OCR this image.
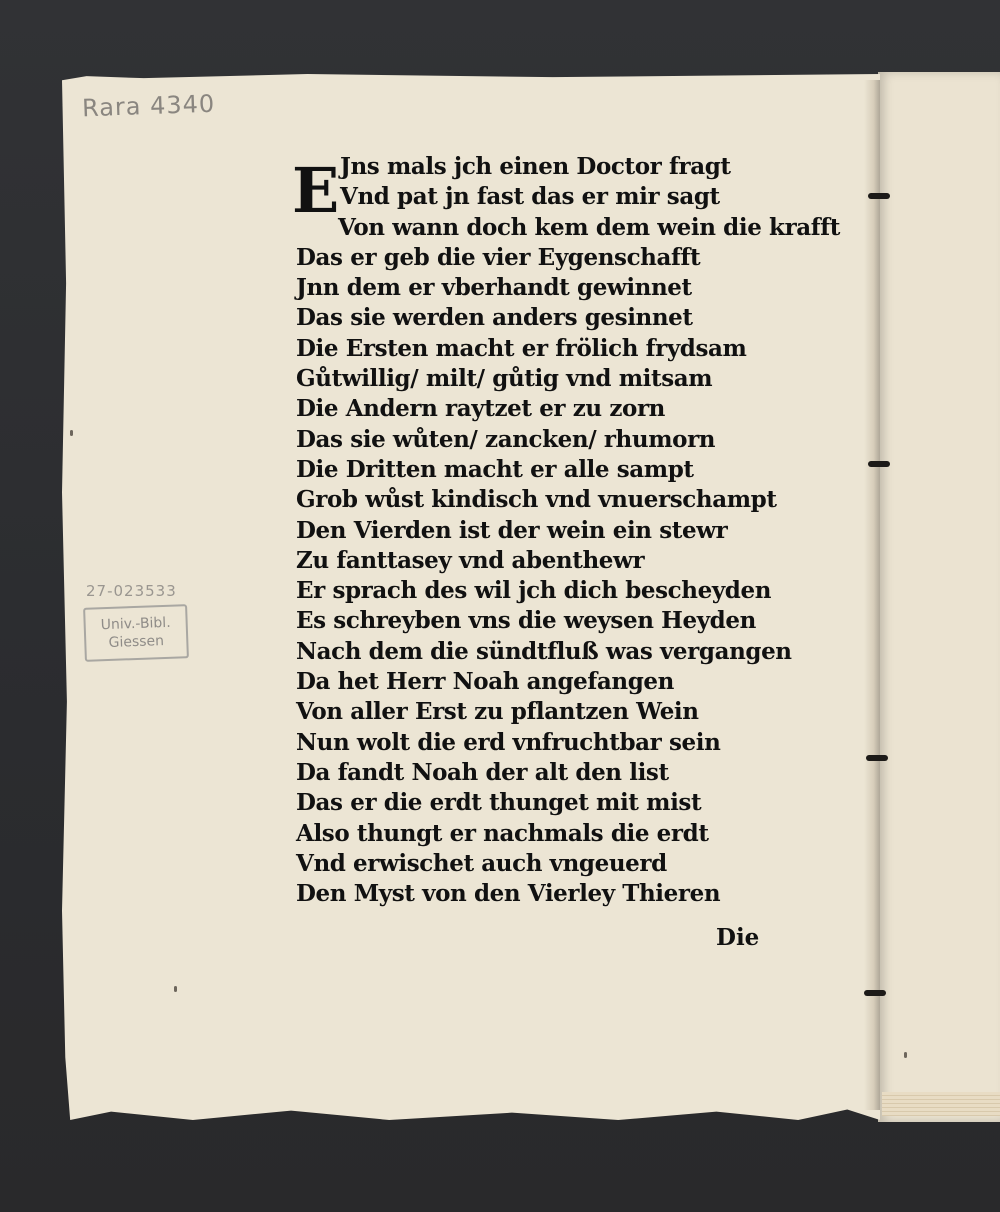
Rara 4340
27-023533
Univ.-Bibl.
Giessen
E Jns mals jch einen Doctor fragt
Vnd pat jn fast das er mir sagt
Von wann doch kem dem wein die krafft
Das er geb die vier Eygenschafft
Jnn dem er vberhandt gewinnet
Das sie werden anders gesinnet
Die Ersten macht er frölich frydsam
Gůtwillig/ milt/ gůtig vnd mitsam
Die Andern raytzet er zu zorn
Das sie wůten/ zancken/ rhumorn
Die Dritten macht er alle sampt
Grob wůst kindisch vnd vnuerschampt
Den Vierden ist der wein ein stewr
Zu fanttasey vnd abenthewr
Er sprach des wil jch dich bescheyden
Es schreyben vns die weysen Heyden
Nach dem die sündtfluß was vergangen
Da het Herr Noah angefangen
Von aller Erst zu pflantzen Wein
Nun wolt die erd vnfruchtbar sein
Da fandt Noah der alt den list
Das er die erdt thunget mit mist
Also thungt er nachmals die erdt
Vnd erwischet auch vngeuerd
Den Myst von den Vierley Thieren
Die
